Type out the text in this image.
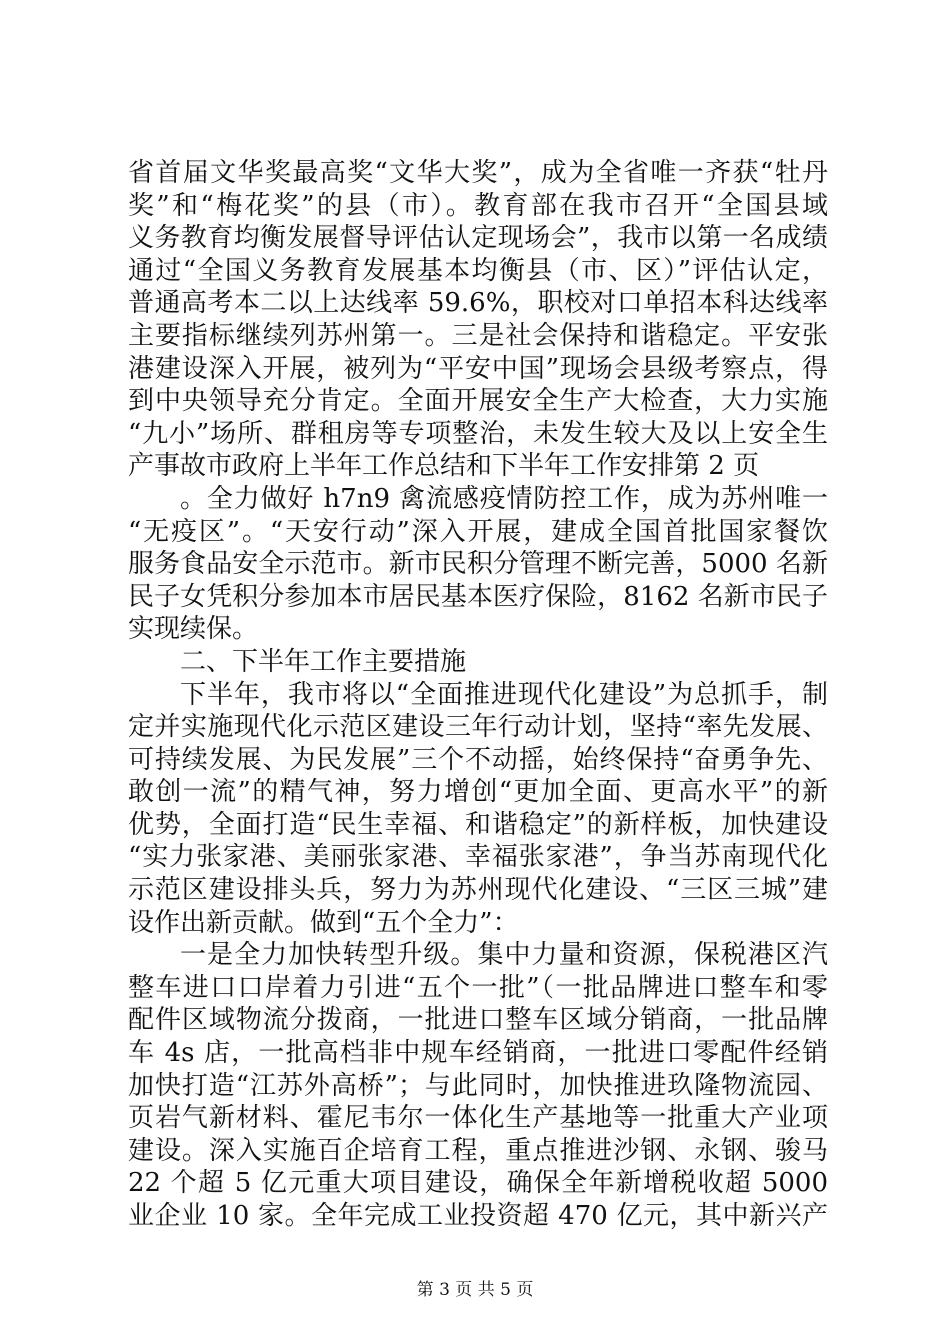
省首届文华奖最高奖“文华大奖”，成为全省唯一齐获“牡丹
奖”和“梅花奖”的县（市）。教育部在我市召开“全国县域
义务教育均衡发展督导评估认定现场会”，我市以第一名成绩
通过“全国义务教育发展基本均衡县（市、区）”评估认定，
普通高考本二以上达线率 59.6%，职校对口单招本科达线率
主要指标继续列苏州第一。三是社会保持和谐稳定。平安张
港建设深入开展，被列为“平安中国”现场会县级考察点，得
到中央领导充分肯定。全面开展安全生产大检查，大力实施
“九小”场所、群租房等专项整治，未发生较大及以上安全生
产事故市政府上半年工作总结和下半年工作安排第 2 页
。全力做好 h7n9 禽流感疫情防控工作，成为苏州唯一
“无疫区”。“天安行动”深入开展，建成全国首批国家餐饮
服务食品安全示范市。新市民积分管理不断完善，5000 名新
民子女凭积分参加本市居民基本医疗保险，8162 名新市民子
实现续保。
二、下半年工作主要措施
下半年，我市将以“全面推进现代化建设”为总抓手，制
定并实施现代化示范区建设三年行动计划，坚持“率先发展、
可持续发展、为民发展”三个不动摇，始终保持“奋勇争先、
敢创一流”的精气神，努力增创“更加全面、更高水平”的新
优势，全面打造“民生幸福、和谐稳定”的新样板，加快建设
“实力张家港、美丽张家港、幸福张家港”，争当苏南现代化
示范区建设排头兵，努力为苏州现代化建设、“三区三城”建
设作出新贡献。做到“五个全力”：
一是全力加快转型升级。集中力量和资源，保税港区汽
整车进口口岸着力引进“五个一批”（一批品牌进口整车和零
配件区域物流分拨商，一批进口整车区域分销商，一批品牌
车 4s 店，一批高档非中规车经销商，一批进口零配件经销
加快打造“江苏外高桥”；与此同时，加快推进玖隆物流园、
页岩气新材料、霍尼韦尔一体化生产基地等一批重大产业项
建设。深入实施百企培育工程，重点推进沙钢、永钢、骏马
22 个超 5 亿元重大项目建设，确保全年新增税收超 5000
业企业 10 家。全年完成工业投资超 470 亿元，其中新兴产
第 3 页 共 5 页
